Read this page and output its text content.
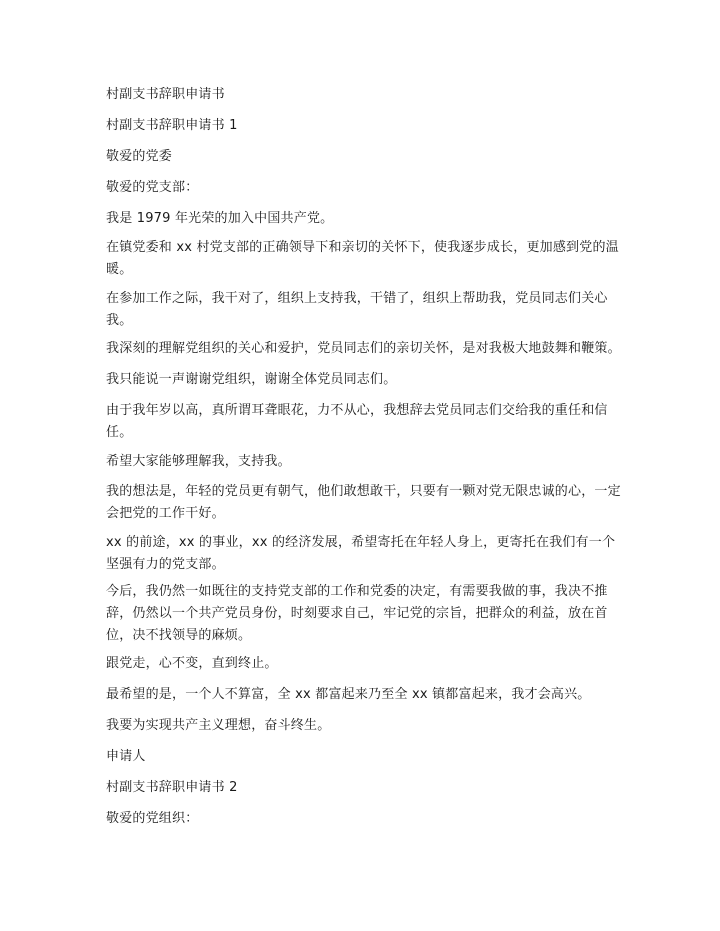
村副支书辞职申请书
村副支书辞职申请书 1
敬爱的党委
敬爱的党支部：
我是 1979 年光荣的加入中国共产党。
在镇党委和 xx 村党支部的正确领导下和亲切的关怀下，使我逐步成长，更加感到党的温暖。
在参加工作之际，我干对了，组织上支持我，干错了，组织上帮助我，党员同志们关心我。
我深刻的理解党组织的关心和爱护，党员同志们的亲切关怀，是对我极大地鼓舞和鞭策。
我只能说一声谢谢党组织，谢谢全体党员同志们。
由于我年岁以高，真所谓耳聋眼花，力不从心，我想辞去党员同志们交给我的重任和信任。
希望大家能够理解我，支持我。
我的想法是，年轻的党员更有朝气，他们敢想敢干，只要有一颗对党无限忠诚的心，一定会把党的工作干好。
xx 的前途，xx 的事业，xx 的经济发展，希望寄托在年轻人身上，更寄托在我们有一个坚强有力的党支部。
今后，我仍然一如既往的支持党支部的工作和党委的决定，有需要我做的事，我决不推辞，仍然以一个共产党员身份，时刻要求自己，牢记党的宗旨，把群众的利益，放在首位，决不找领导的麻烦。
跟党走，心不变，直到终止。
最希望的是，一个人不算富，全 xx 都富起来乃至全 xx 镇都富起来，我才会高兴。
我要为实现共产主义理想，奋斗终生。
申请人
村副支书辞职申请书 2
敬爱的党组织：
